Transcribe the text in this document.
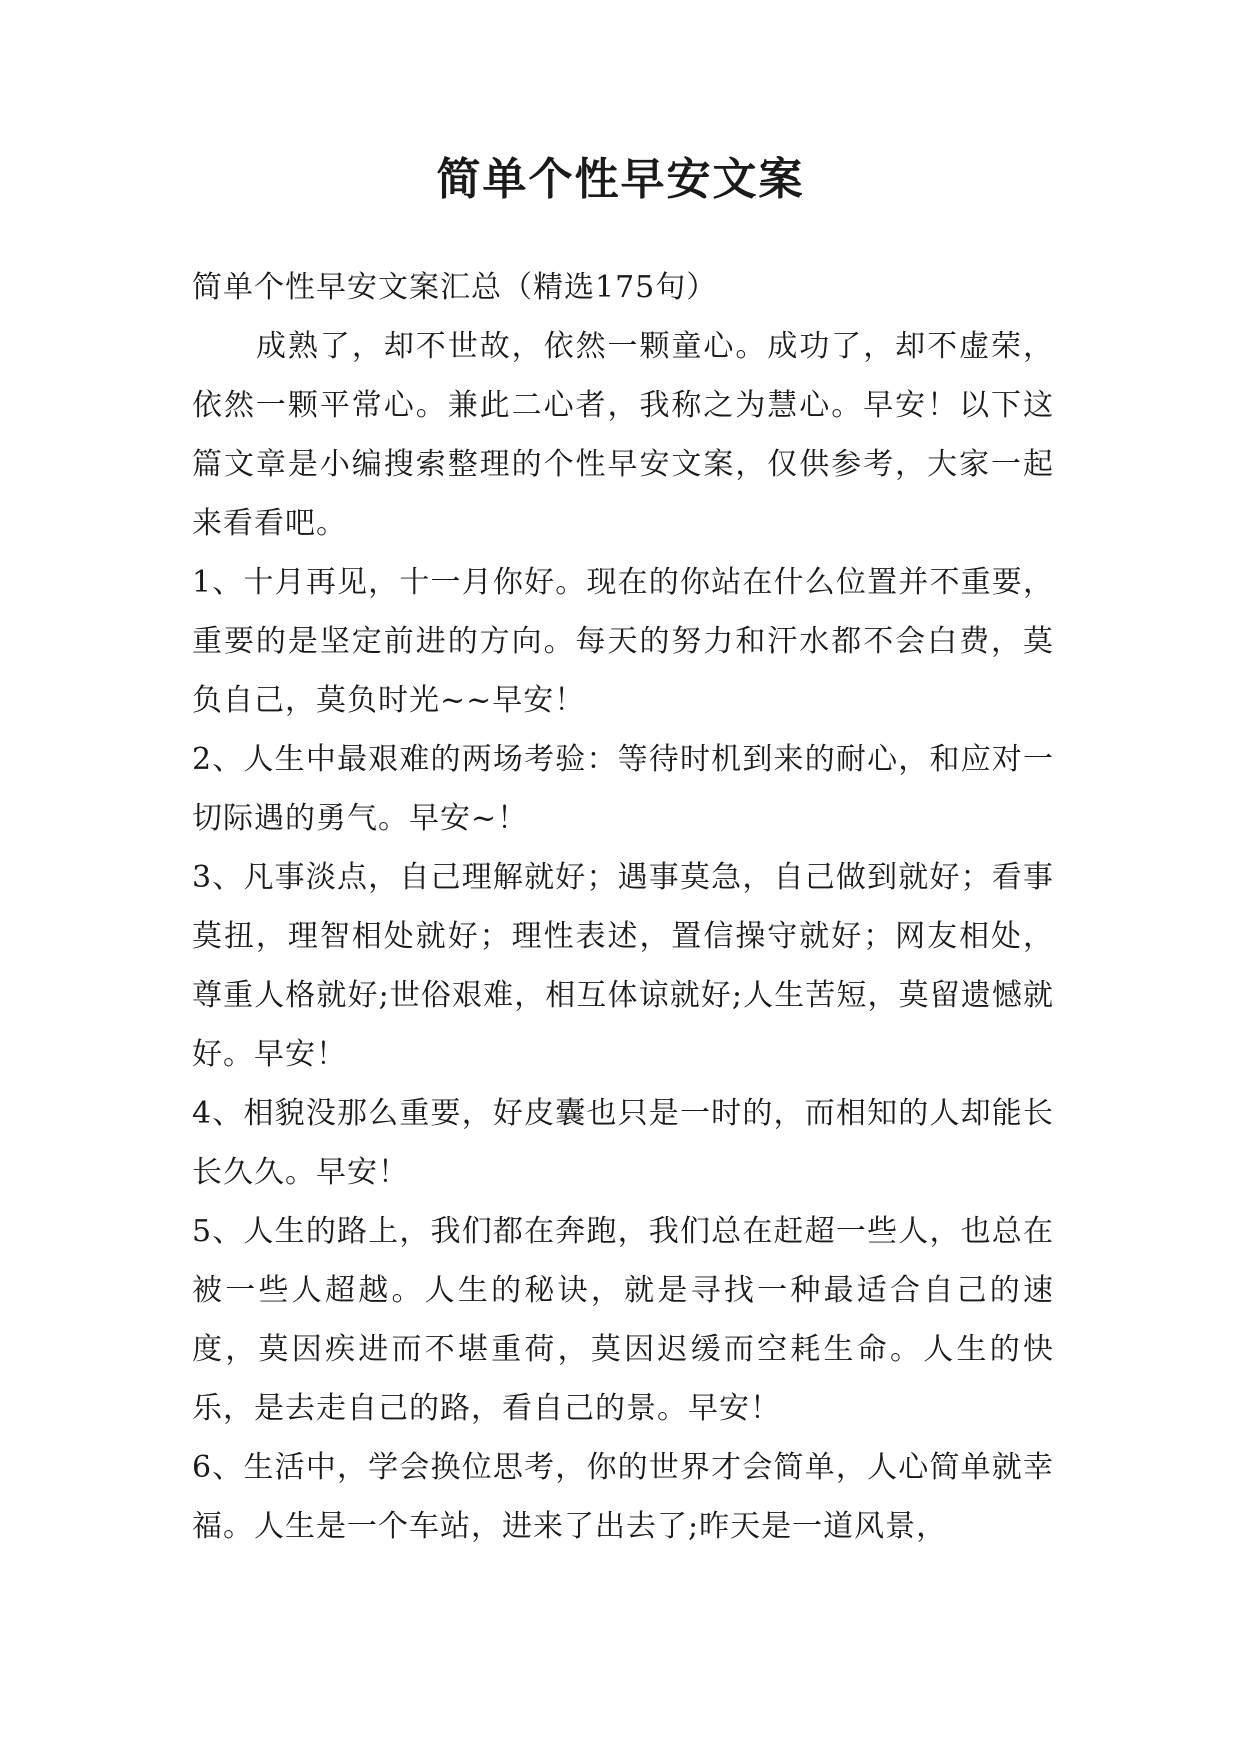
简单个性早安文案

简单个性早安文案汇总（精选175句）

成熟了，却不世故，依然一颗童心。成功了，却不虚荣，依然一颗平常心。兼此二心者，我称之为慧心。早安！以下这篇文章是小编搜索整理的个性早安文案，仅供参考，大家一起来看看吧。

1、十月再见，十一月你好。现在的你站在什么位置并不重要，重要的是坚定前进的方向。每天的努力和汗水都不会白费，莫负自己，莫负时光~~早安！

2、人生中最艰难的两场考验：等待时机到来的耐心，和应对一切际遇的勇气。早安~！

3、凡事淡点，自己理解就好；遇事莫急，自己做到就好；看事莫扭，理智相处就好；理性表述，置信操守就好；网友相处，尊重人格就好;世俗艰难，相互体谅就好;人生苦短，莫留遗憾就好。早安！

4、相貌没那么重要，好皮囊也只是一时的，而相知的人却能长长久久。早安！

5、人生的路上，我们都在奔跑，我们总在赶超一些人，也总在被一些人超越。人生的秘诀，就是寻找一种最适合自己的速度，莫因疾进而不堪重荷，莫因迟缓而空耗生命。人生的快乐，是去走自己的路，看自己的景。早安！

6、生活中，学会换位思考，你的世界才会简单，人心简单就幸福。人生是一个车站，进来了出去了;昨天是一道风景，
